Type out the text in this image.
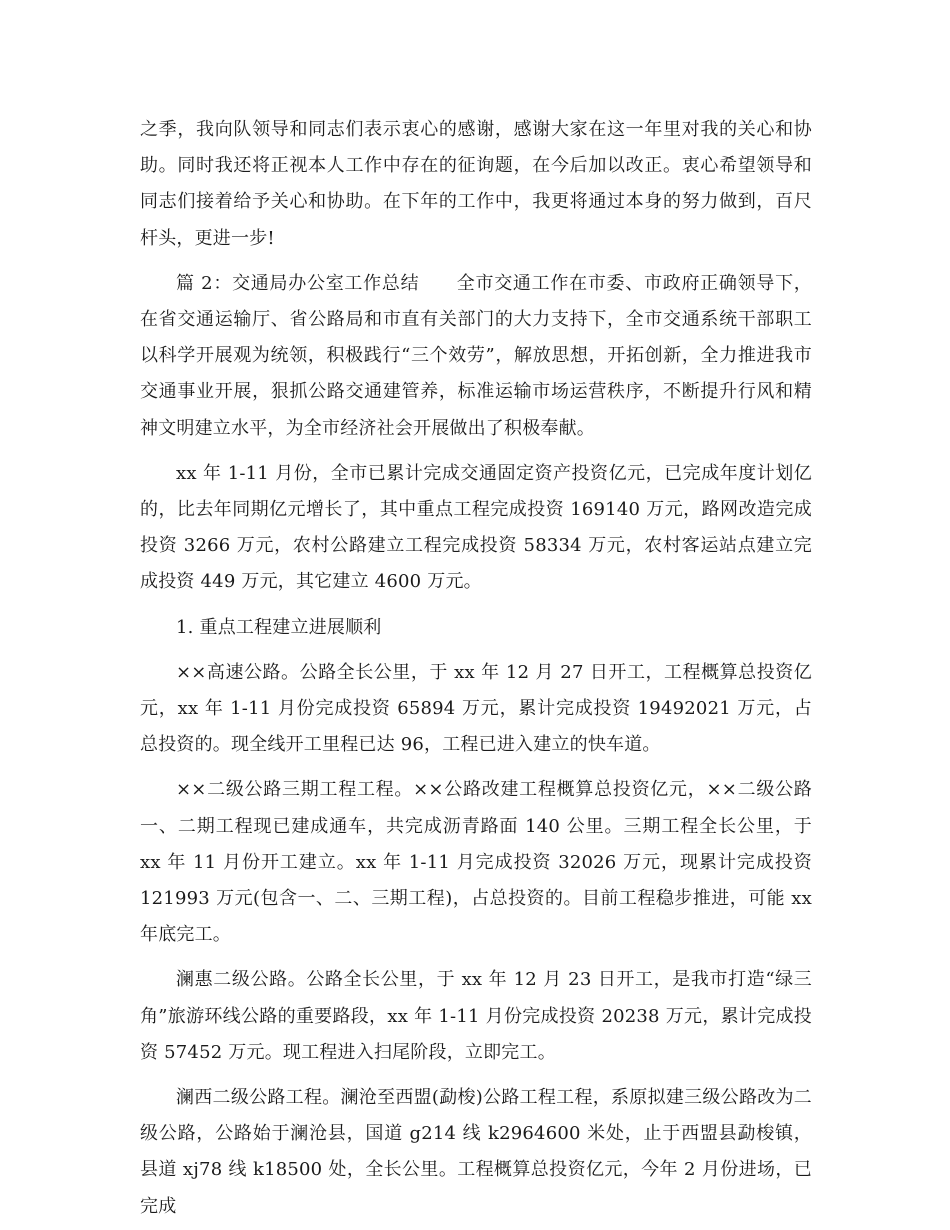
之季，我向队领导和同志们表示衷心的感谢，感谢大家在这一年里对我的关心和协助。同时我还将正视本人工作中存在的征询题，在今后加以改正。衷心希望领导和同志们接着给予关心和协助。在下年的工作中，我更将通过本身的努力做到，百尺杆头，更进一步!

篇 2：交通局办公室工作总结　　全市交通工作在市委、市政府正确领导下，在省交通运输厅、省公路局和市直有关部门的大力支持下，全市交通系统干部职工以科学开展观为统领，积极践行“三个效劳”，解放思想，开拓创新，全力推进我市交通事业开展，狠抓公路交通建管养，标准运输市场运营秩序，不断提升行风和精神文明建立水平，为全市经济社会开展做出了积极奉献。

xx 年 1-11 月份，全市已累计完成交通固定资产投资亿元，已完成年度计划亿的，比去年同期亿元增长了，其中重点工程完成投资 169140 万元，路网改造完成投资 3266 万元，农村公路建立工程完成投资 58334 万元，农村客运站点建立完成投资 449 万元，其它建立 4600 万元。

1. 重点工程建立进展顺利

××高速公路。公路全长公里，于 xx 年 12 月 27 日开工，工程概算总投资亿元，xx 年 1-11 月份完成投资 65894 万元，累计完成投资 19492021 万元，占总投资的。现全线开工里程已达 96，工程已进入建立的快车道。

××二级公路三期工程工程。××公路改建工程概算总投资亿元，××二级公路一、二期工程现已建成通车，共完成沥青路面 140 公里。三期工程全长公里，于 xx 年 11 月份开工建立。xx 年 1-11 月完成投资 32026 万元，现累计完成投资 121993 万元(包含一、二、三期工程)，占总投资的。目前工程稳步推进，可能 xx 年底完工。

澜惠二级公路。公路全长公里，于 xx 年 12 月 23 日开工，是我市打造“绿三角”旅游环线公路的重要路段，xx 年 1-11 月份完成投资 20238 万元，累计完成投资 57452 万元。现工程进入扫尾阶段，立即完工。

澜西二级公路工程。澜沧至西盟(勐梭)公路工程工程，系原拟建三级公路改为二级公路，公路始于澜沧县，国道 g214 线 k2964600 米处，止于西盟县勐梭镇，县道 xj78 线 k18500 处，全长公里。工程概算总投资亿元，今年 2 月份进场，已完成
